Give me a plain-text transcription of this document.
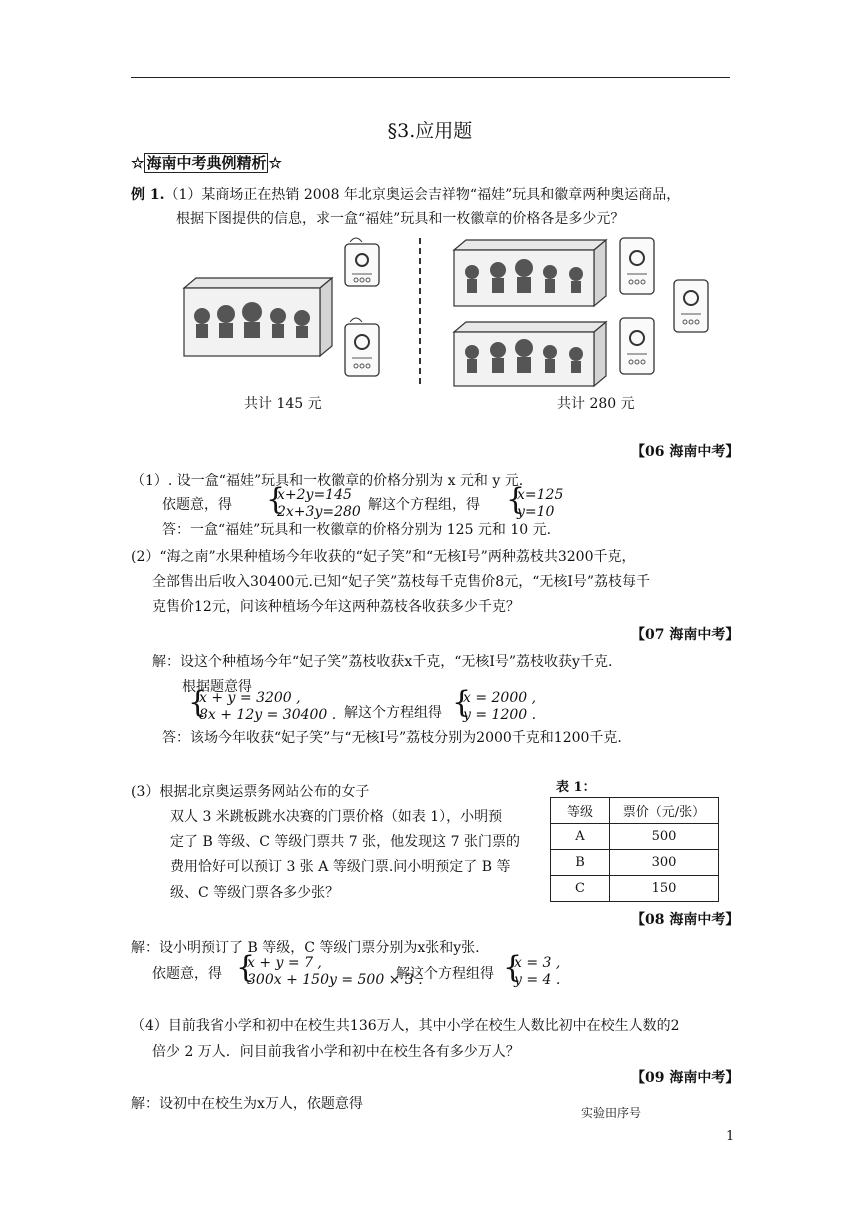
§3.应用题
☆ 海南中考典例精析 ☆
例 1.（1）某商场正在热销 2008 年北京奥运会吉祥物“福娃”玩具和徽章两种奥运商品，
根据下图提供的信息，求一盒“福娃”玩具和一枚徽章的价格各是多少元？
共计 145 元	共计 280 元
【06 海南中考】
（1）. 设一盒“福娃”玩具和一枚徽章的价格分别为 x 元和 y 元.
依题意，得 {
x+2y=145
2x+3y=280 解这个方程组，得 {
x=125
y=10
答：一盒“福娃”玩具和一枚徽章的价格分别为 125 元和 10 元.
(2）“海之南”水果种植场今年收获的“妃子笑”和“无核Ⅰ号”两种荔枝共3200千克，
全部售出后收入30400元.已知“妃子笑”荔枝每千克售价8元，“无核Ⅰ号”荔枝每千
克售价12元，问该种植场今年这两种荔枝各收获多少千克？
【07 海南中考】
解：设这个种植场今年“妃子笑”荔枝收获x千克，“无核Ⅰ号”荔枝收获y千克.
根据题意得
{
x + y = 3200 ,
8x + 12y = 30400 . 解这个方程组得 {
x = 2000 ,
y = 1200 .
答：该场今年收获“妃子笑”与“无核Ⅰ号”荔枝分别为2000千克和1200千克.
(3）根据北京奥运票务网站公布的女子
双人 3 米跳板跳水决赛的门票价格（如表 1），小明预
定了 B 等级、C 等级门票共 7 张，他发现这 7 张门票的
费用恰好可以预订 3 张 A 等级门票.问小明预定了 B 等
级、C 等级门票各多少张？
表 1：
等级	票价（元/张）
A	500
B	300
C	150
【08 海南中考】
解：设小明预订了 B 等级，C 等级门票分别为x张和y张.
依题意，得 {
x + y = 7 ,
300x + 150y = 500 × 3 .
解这个方程组得 {
x = 3 ,
y = 4 .
（4）目前我省小学和初中在校生共136万人，其中小学在校生人数比初中在校生人数的2
倍少 2 万人．问目前我省小学和初中在校生各有多少万人？
【09 海南中考】
解：设初中在校生为x万人，依题意得
实验田序号
1
